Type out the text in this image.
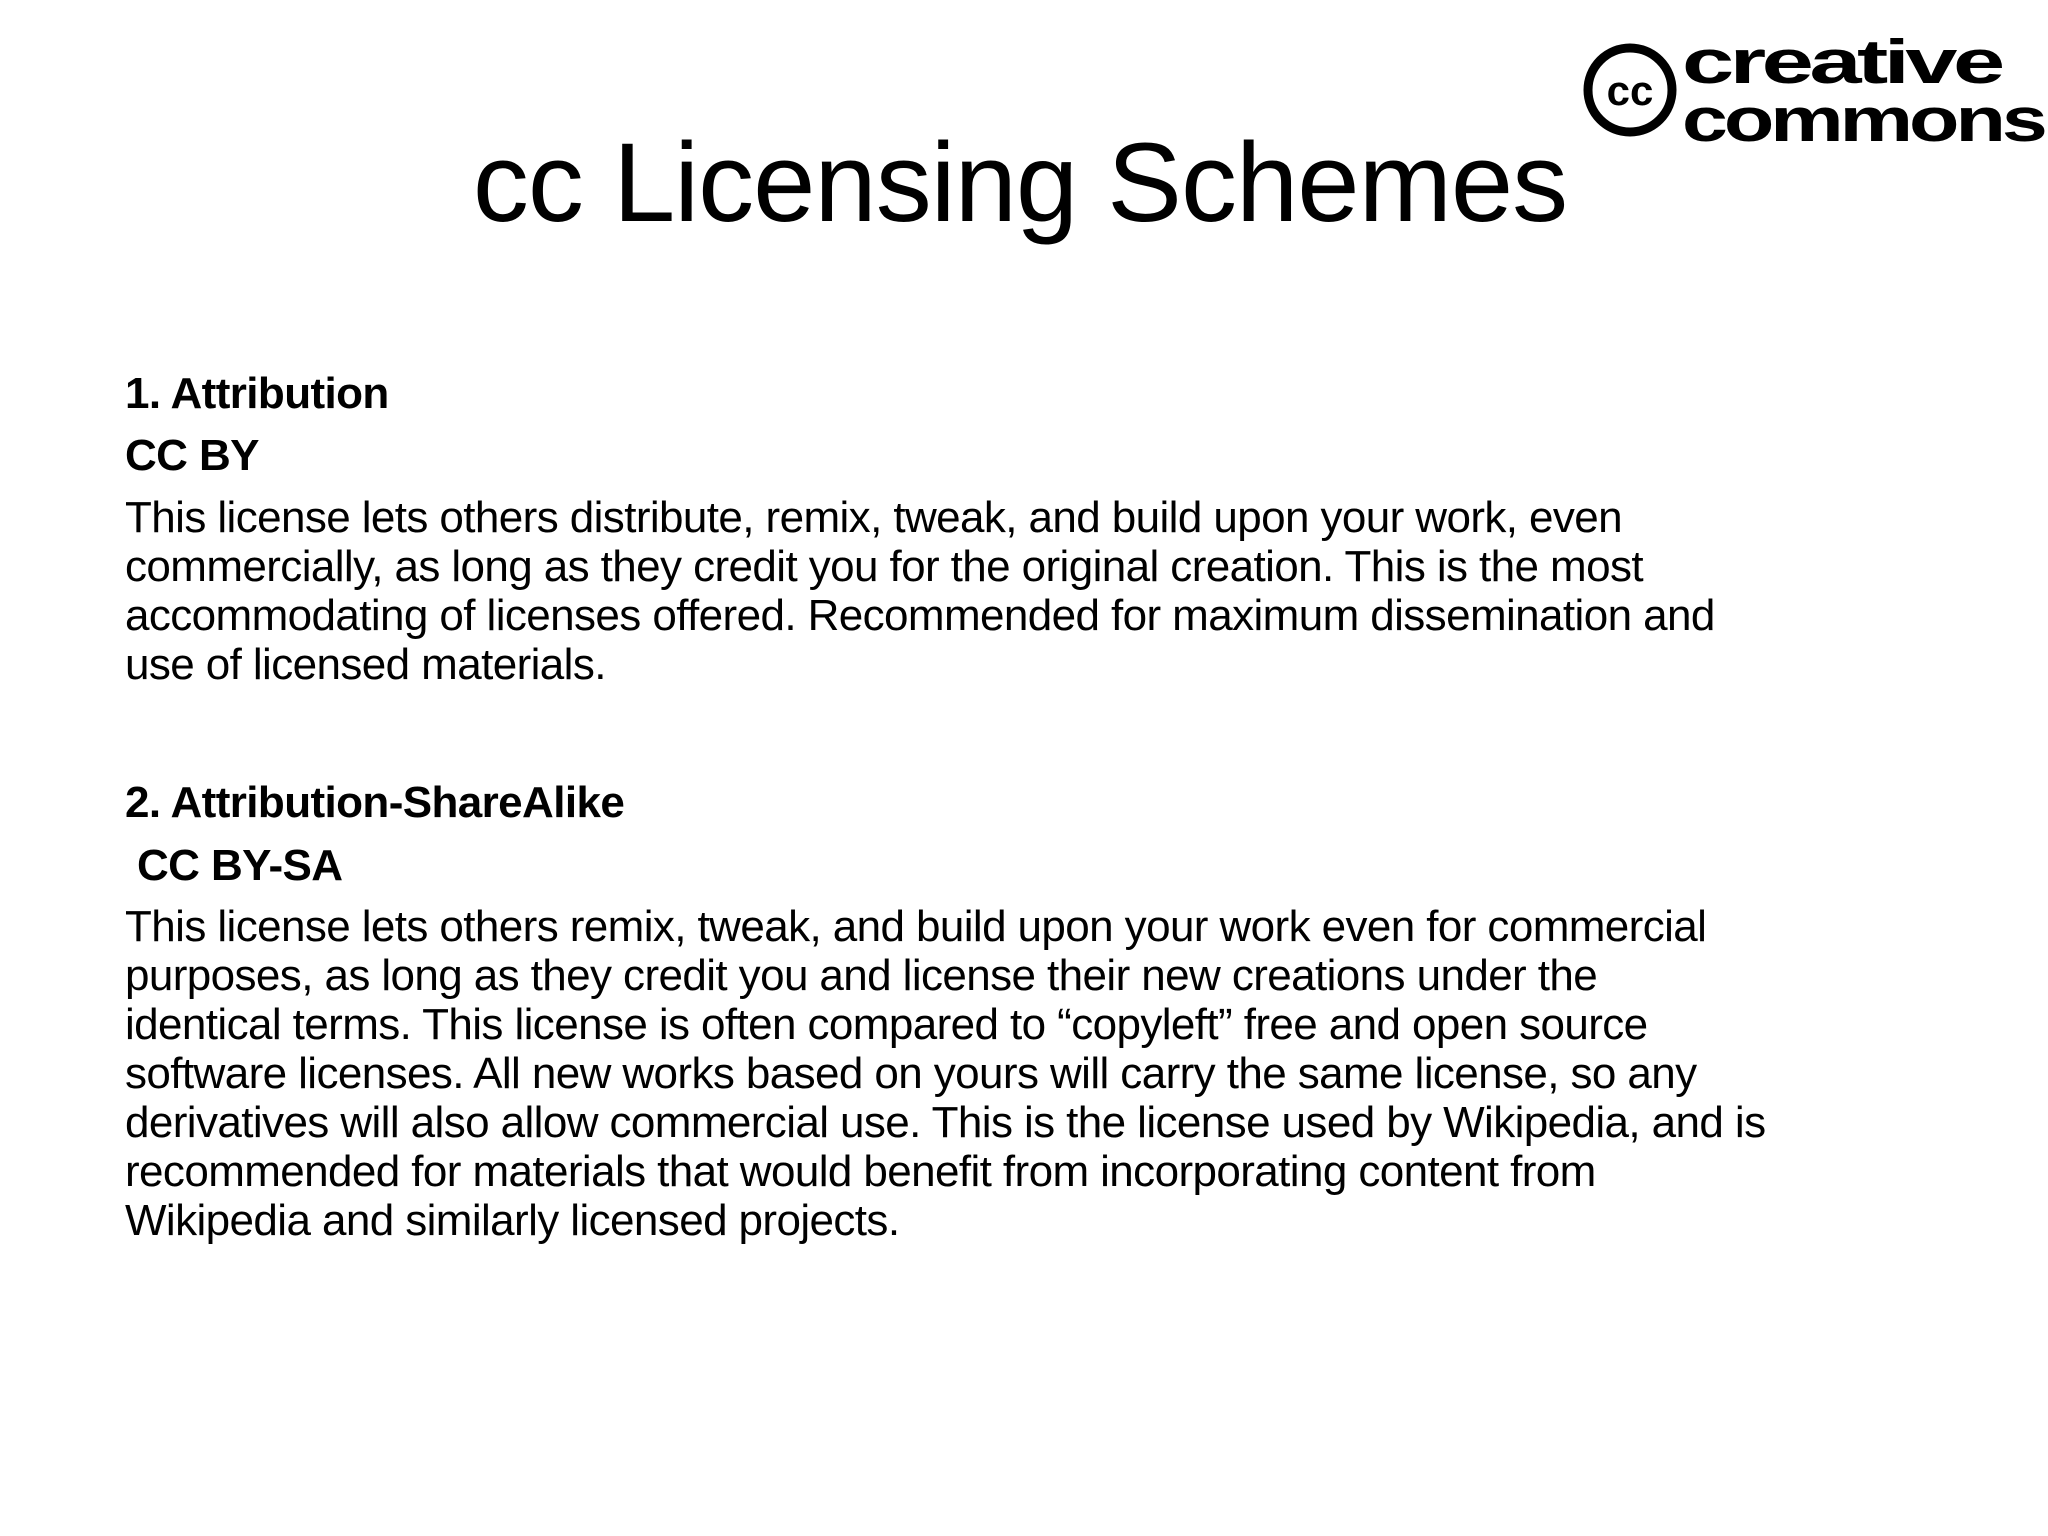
cc Licensing Schemes
cc creative
commons
1. Attribution
CC BY
This license lets others distribute, remix, tweak, and build upon your work, even
commercially, as long as they credit you for the original creation. This is the most
accommodating of licenses offered. Recommended for maximum dissemination and
use of licensed materials.
2. Attribution-ShareAlike
CC BY-SA
This license lets others remix, tweak, and build upon your work even for commercial
purposes, as long as they credit you and license their new creations under the
identical terms. This license is often compared to “copyleft” free and open source
software licenses. All new works based on yours will carry the same license, so any
derivatives will also allow commercial use. This is the license used by Wikipedia, and is
recommended for materials that would benefit from incorporating content from
Wikipedia and similarly licensed projects.
